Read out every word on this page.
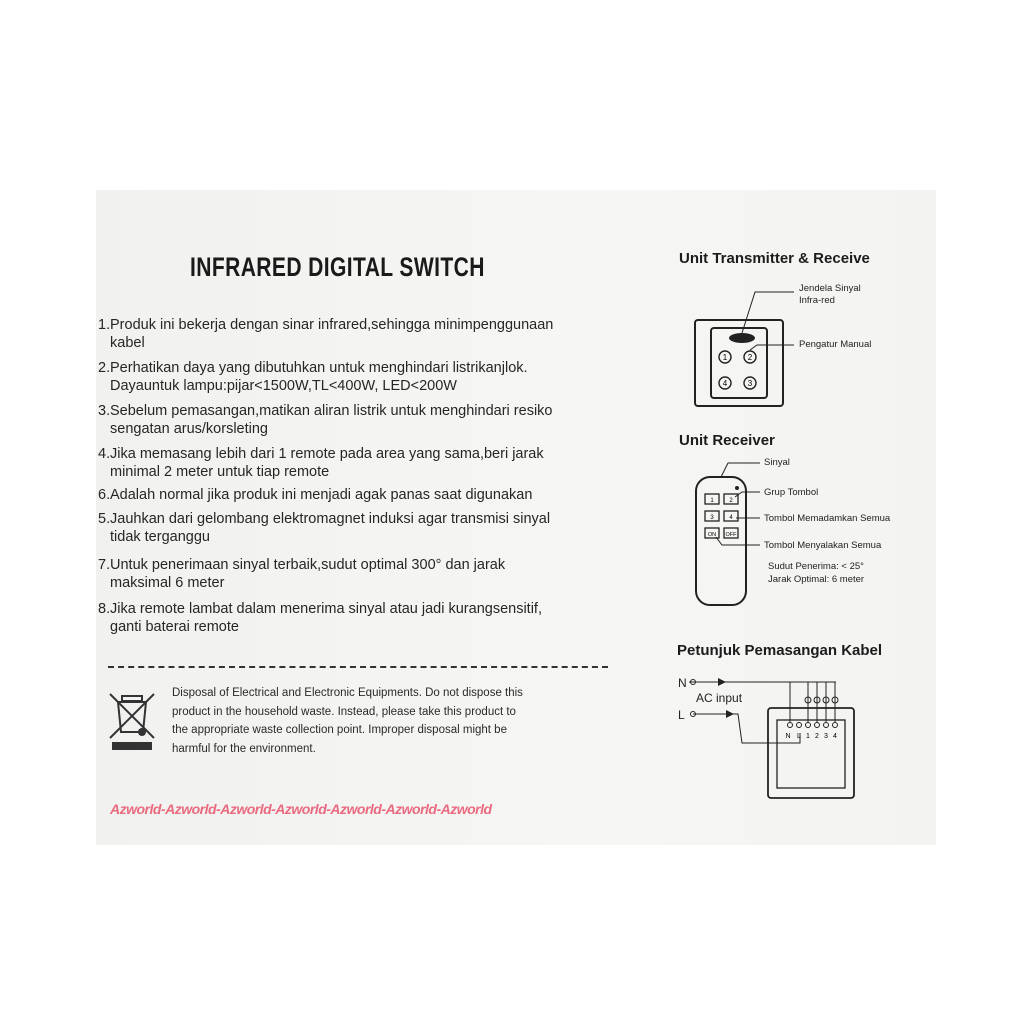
INFRARED DIGITAL SWITCH
1.Produk ini bekerja dengan sinar infrared,sehingga minimpenggunaan
kabel
2.Perhatikan daya yang dibutuhkan untuk menghindari listrikanjlok.
Dayauntuk lampu:pijar<1500W,TL<400W, LED<200W
3.Sebelum pemasangan,matikan aliran listrik untuk menghindari resiko
sengatan arus/korsleting
4.Jika memasang lebih dari 1 remote pada area yang sama,beri jarak
minimal 2 meter untuk tiap remote
6.Adalah normal jika produk ini menjadi agak panas saat digunakan
5.Jauhkan dari gelombang elektromagnet induksi agar transmisi sinyal
tidak terganggu
7.Untuk penerimaan sinyal terbaik,sudut optimal 300° dan jarak
maksimal 6 meter
8.Jika remote lambat dalam menerima sinyal atau jadi kurangsensitif,
ganti baterai remote
Disposal of Electrical and Electronic Equipments. Do not dispose this
product in the household waste. Instead, please take this product to
the appropriate waste collection point. Improper disposal might be
harmful for the environment.
Azworld-Azworld-Azworld-Azworld-Azworld-Azworld-Azworld
Unit Transmitter & Receive
Jendela Sinyal
Infra-red
Pengatur Manual
1	2
4	3
1	2
3	4
ON OFF
N L 1 2 3 4
Unit Receiver
Sinyal
Grup Tombol
Tombol Memadamkan Semua
Tombol Menyalakan Semua
Sudut Penerima: < 25°
Jarak Optimal: 6 meter
Petunjuk Pemasangan Kabel
N
L
AC input
